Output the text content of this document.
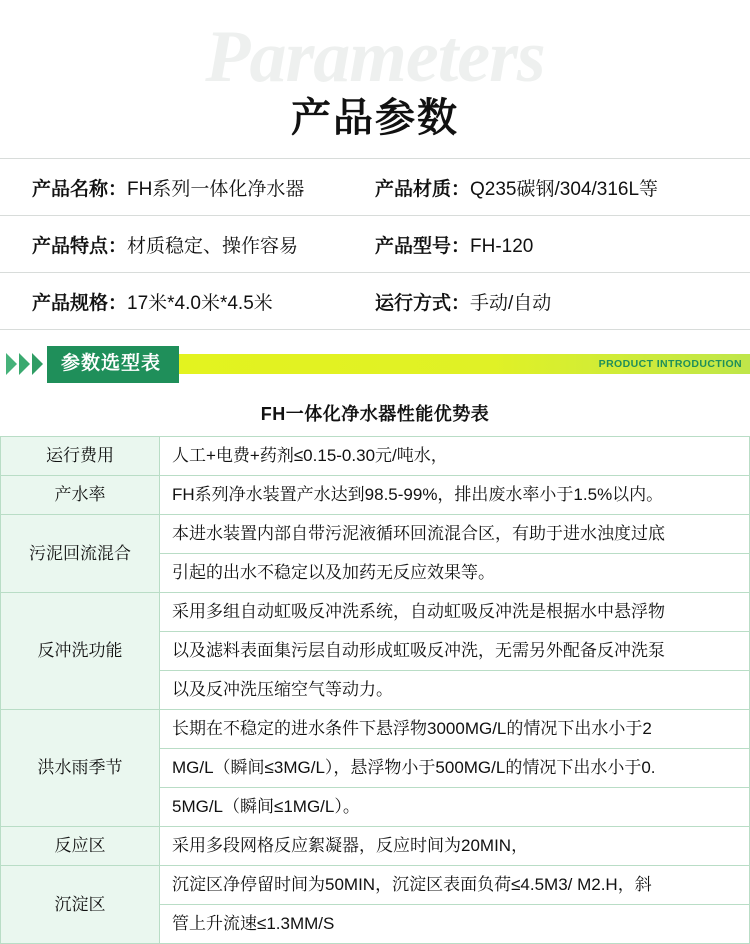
Parameters
产品参数
产品名称：FH系列一体化净水器	产品材质：Q235碳钢/304/316L等
产品特点：材质稳定、操作容易	产品型号：FH-120
产品规格：17米*4.0米*4.5米	运行方式：手动/自动
参数选型表	PRODUCT INTRODUCTION
FH一体化净水器性能优势表
运行费用	人工+电费+药剂≤0.15-0.30元/吨水，
产水率	FH系列净水装置产水达到98.5-99%，排出废水率小于1.5%以内。
污泥回流混合	本进水装置内部自带污泥液循环回流混合区，有助于进水浊度过底
	引起的出水不稳定以及加药无反应效果等。
反冲洗功能	采用多组自动虹吸反冲洗系统，自动虹吸反冲洗是根据水中悬浮物
	以及滤料表面集污层自动形成虹吸反冲洗，无需另外配备反冲洗泵
	以及反冲洗压缩空气等动力。
洪水雨季节	长期在不稳定的进水条件下悬浮物3000MG/L的情况下出水小于2
	MG/L（瞬间≤3MG/L），悬浮物小于500MG/L的情况下出水小于0.
	5MG/L（瞬间≤1MG/L）。
反应区	采用多段网格反应絮凝器，反应时间为20MIN，
沉淀区	沉淀区净停留时间为50MIN，沉淀区表面负荷≤4.5M3/ M2.H，斜
	管上升流速≤1.3MM/S
